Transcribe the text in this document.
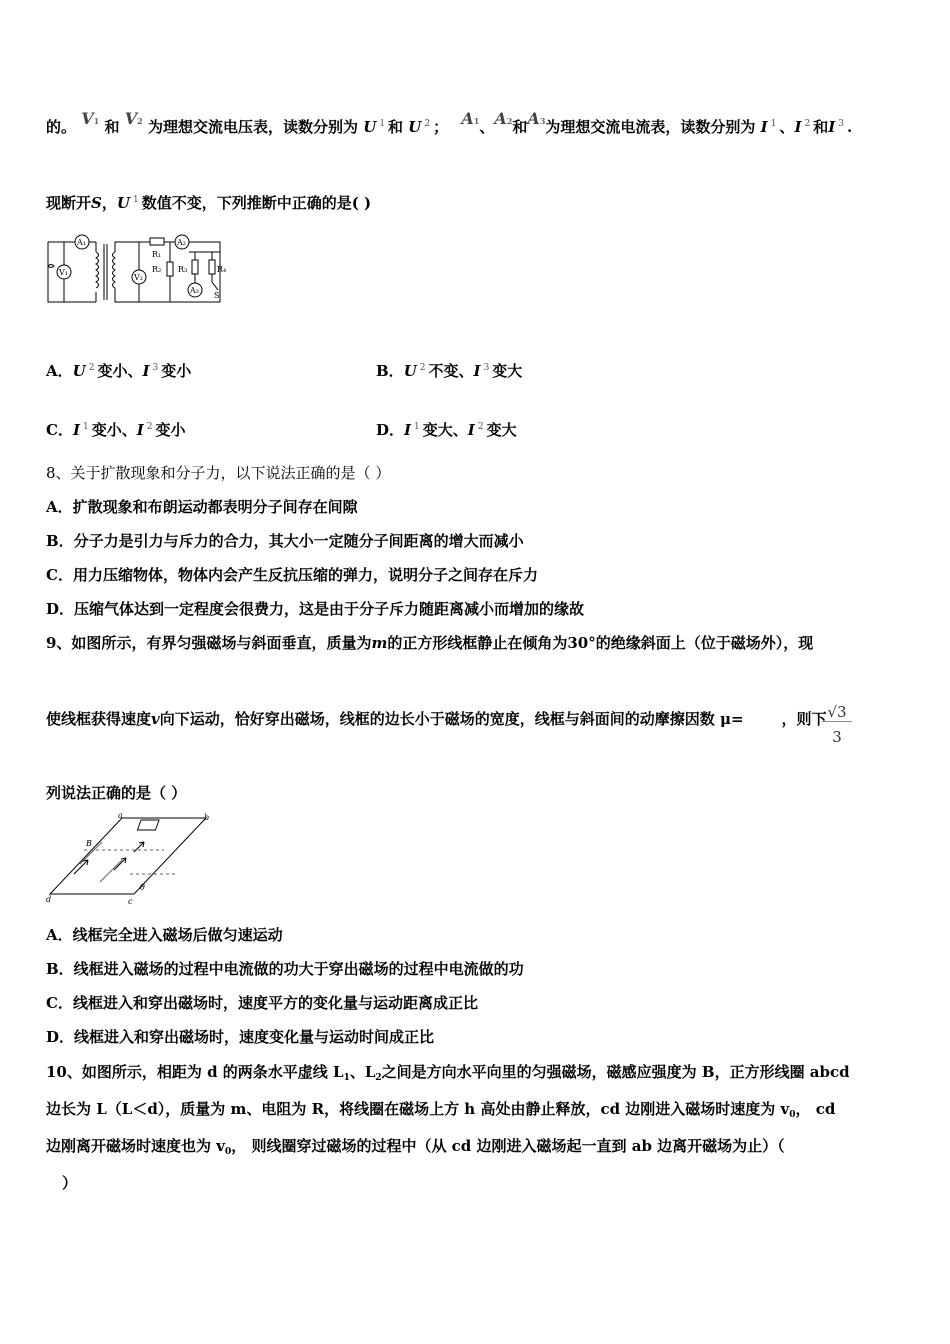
的。 V1 和 V2 为理想交流电压表，读数分别为 U $^1$ 和 U $^2$ ； A1、A2和A3为理想交流电流表，读数分别为 I $^1$ 、I $^2$ 和I $^3$ .
现断开S，U $^1$ 数值不变，下列推断中正确的是( )
A₁
V₁
V₂
A₂
A₃
R₁
R₂ R₃	R₄
S
A．U $^2$ 变小、I $^3$ 变小	B．U $^2$ 不变、I $^3$ 变大
C．I $^1$ 变小、I $^2$ 变小	D．I $^1$ 变大、I $^2$ 变大
8、关于扩散现象和分子力，以下说法正确的是（ ）
A．扩散现象和布朗运动都表明分子间存在间隙
B．分子力是引力与斥力的合力，其大小一定随分子间距离的增大而减小
C．用力压缩物体，物体内会产生反抗压缩的弹力，说明分子之间存在斥力
D．压缩气体达到一定程度会很费力，这是由于分子斥力随距离减小而增加的缘故
9、如图所示，有界匀强磁场与斜面垂直，质量为m的正方形线框静止在倾角为30°的绝缘斜面上（位于磁场外），现
使线框获得速度v向下运动，恰好穿出磁场，线框的边长小于磁场的宽度，线框与斜面间的动摩擦因数 μ=	，则下
$\frac{√3}{3}$
列说法正确的是（ ）
a	b
c
d
B
θ
A．线框完全进入磁场后做匀速运动
B．线框进入磁场的过程中电流做的功大于穿出磁场的过程中电流做的功
C．线框进入和穿出磁场时，速度平方的变化量与运动距离成正比
D．线框进入和穿出磁场时，速度变化量与运动时间成正比
10、如图所示，相距为 d 的两条水平虚线 $L_1$、$L_2$之间是方向水平向里的匀强磁场，磁感应强度为 B，正方形线圈 abcd
边长为 L（L＜d），质量为 m、电阻为 R，将线圈在磁场上方 h 高处由静止释放，cd 边刚进入磁场时速度为 $v_0$， cd
边刚离开磁场时速度也为 $v_0$， 则线圈穿过磁场的过程中（从 cd 边刚进入磁场起一直到 ab 边离开磁场为止）（
）
